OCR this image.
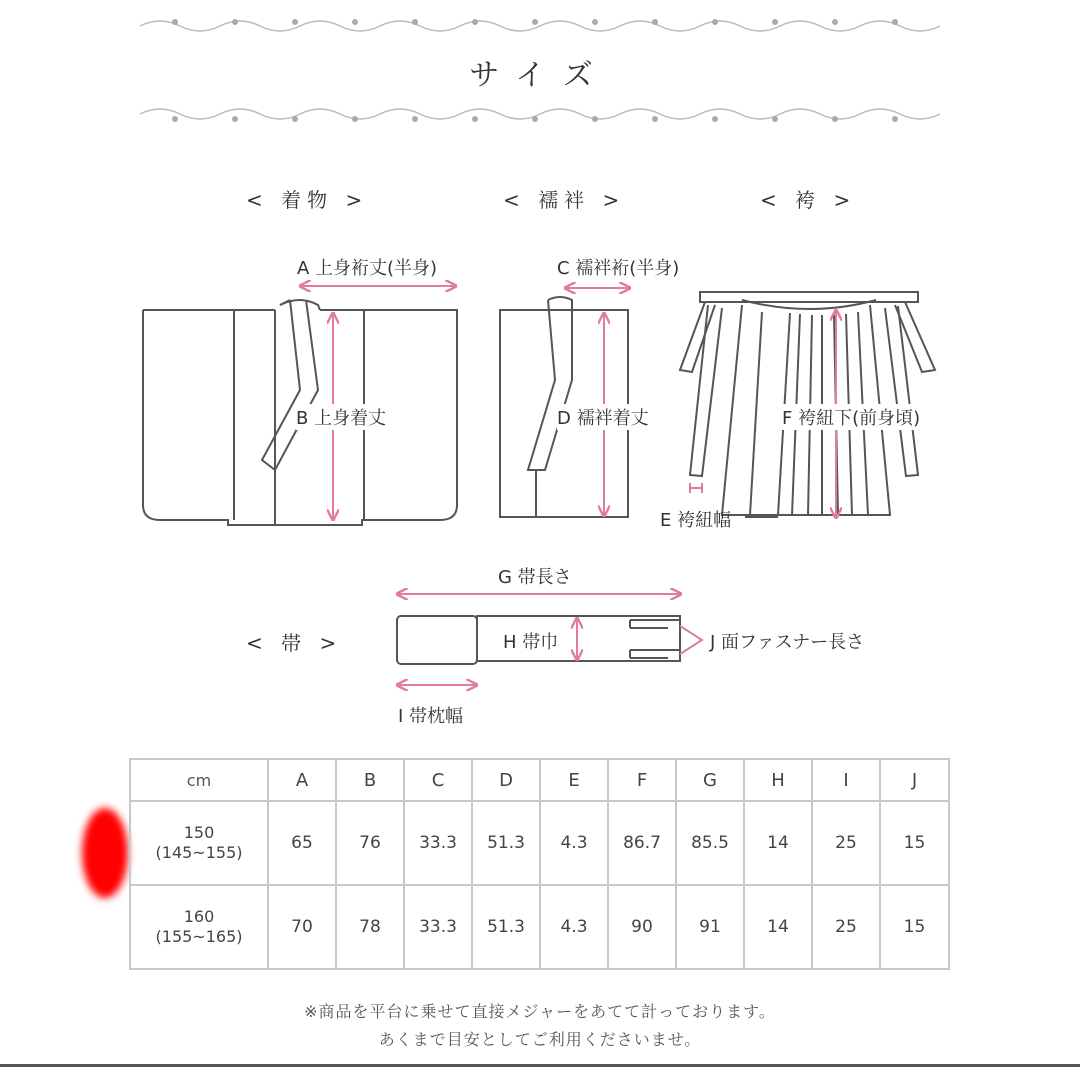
サイズ
< 着物 >	< 襦袢 >	< 袴 >
< 帯 >
A 上身裄丈(半身)
B 上身着丈
C 襦袢裄(半身)
D 襦袢着丈
E 袴紐幅
F 袴紐下(前身頃)
G 帯長さ
H 帯巾
I 帯枕幅
J 面ファスナー長さ
cm	A	B	C	D	E	F	G	H	I	J

150
(145~155)	65	76	33.3	51.3	4.3	86.7	85.5	14	25	15

160
(155~165)	70	78	33.3	51.3	4.3	90	91	14	25	15
※商品を平台に乗せて直接メジャーをあてて計っております。
あくまで目安としてご利用くださいませ。
